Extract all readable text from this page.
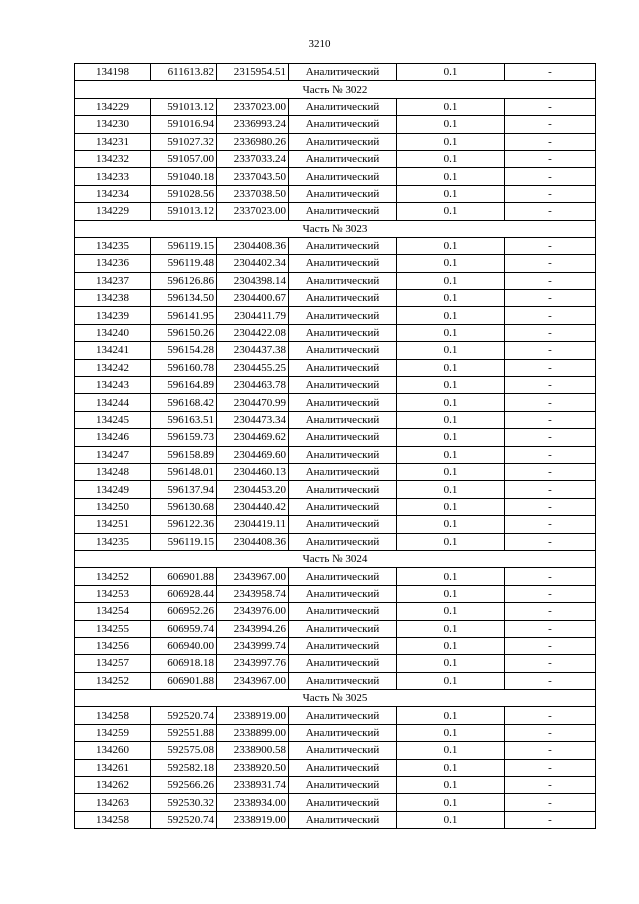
3210
134198	611613.82	2315954.51	Аналитический	0.1	-
Часть № 3022					
134229	591013.12	2337023.00	Аналитический	0.1	-
134230	591016.94	2336993.24	Аналитический	0.1	-
134231	591027.32	2336980.26	Аналитический	0.1	-
134232	591057.00	2337033.24	Аналитический	0.1	-
134233	591040.18	2337043.50	Аналитический	0.1	-
134234	591028.56	2337038.50	Аналитический	0.1	-
134229	591013.12	2337023.00	Аналитический	0.1	-
Часть № 3023					
134235	596119.15	2304408.36	Аналитический	0.1	-
134236	596119.48	2304402.34	Аналитический	0.1	-
134237	596126.86	2304398.14	Аналитический	0.1	-
134238	596134.50	2304400.67	Аналитический	0.1	-
134239	596141.95	2304411.79	Аналитический	0.1	-
134240	596150.26	2304422.08	Аналитический	0.1	-
134241	596154.28	2304437.38	Аналитический	0.1	-
134242	596160.78	2304455.25	Аналитический	0.1	-
134243	596164.89	2304463.78	Аналитический	0.1	-
134244	596168.42	2304470.99	Аналитический	0.1	-
134245	596163.51	2304473.34	Аналитический	0.1	-
134246	596159.73	2304469.62	Аналитический	0.1	-
134247	596158.89	2304469.60	Аналитический	0.1	-
134248	596148.01	2304460.13	Аналитический	0.1	-
134249	596137.94	2304453.20	Аналитический	0.1	-
134250	596130.68	2304440.42	Аналитический	0.1	-
134251	596122.36	2304419.11	Аналитический	0.1	-
134235	596119.15	2304408.36	Аналитический	0.1	-
Часть № 3024					
134252	606901.88	2343967.00	Аналитический	0.1	-
134253	606928.44	2343958.74	Аналитический	0.1	-
134254	606952.26	2343976.00	Аналитический	0.1	-
134255	606959.74	2343994.26	Аналитический	0.1	-
134256	606940.00	2343999.74	Аналитический	0.1	-
134257	606918.18	2343997.76	Аналитический	0.1	-
134252	606901.88	2343967.00	Аналитический	0.1	-
Часть № 3025					
134258	592520.74	2338919.00	Аналитический	0.1	-
134259	592551.88	2338899.00	Аналитический	0.1	-
134260	592575.08	2338900.58	Аналитический	0.1	-
134261	592582.18	2338920.50	Аналитический	0.1	-
134262	592566.26	2338931.74	Аналитический	0.1	-
134263	592530.32	2338934.00	Аналитический	0.1	-
134258	592520.74	2338919.00	Аналитический	0.1	-
